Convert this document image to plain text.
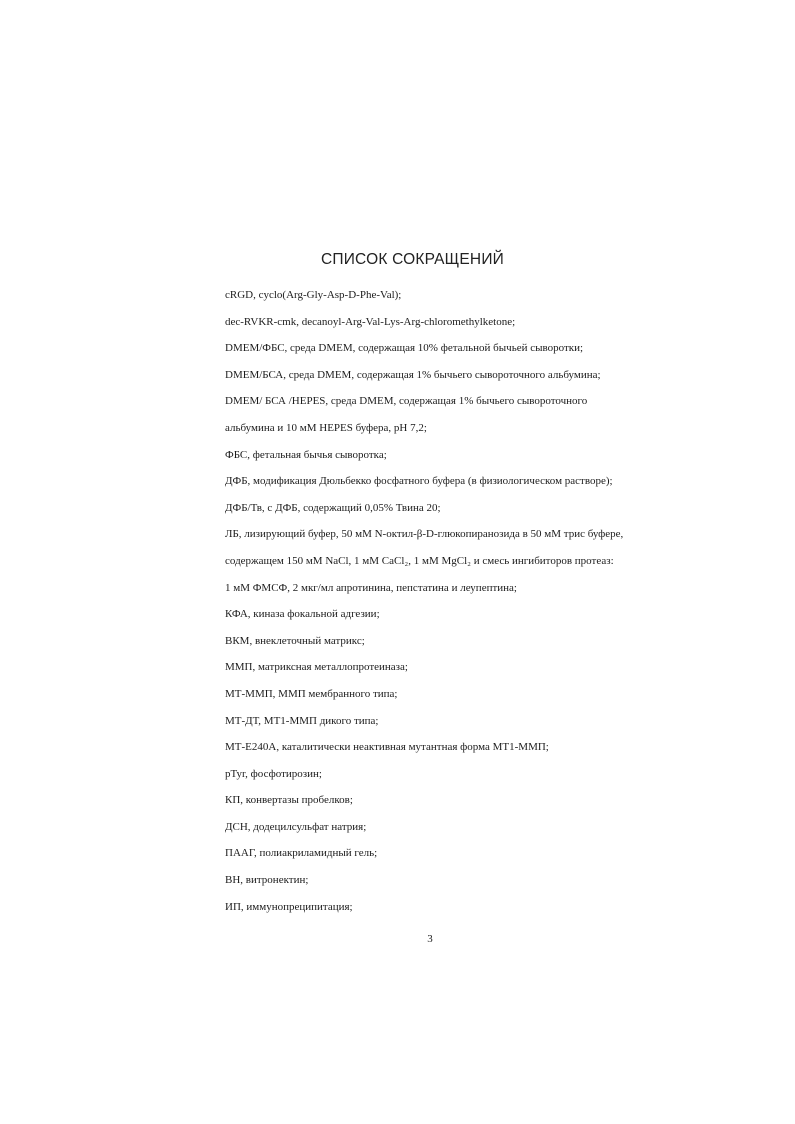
СПИСОК СОКРАЩЕНИЙ
cRGD, cyclo(Arg-Gly-Asp-D-Phe-Val);
dec-RVKR-cmk, decanoyl-Arg-Val-Lys-Arg-chloromethylketone;
DMEM/ФБС, среда DMEM, содержащая 10% фетальной бычьей сыворотки;
DMEM/БСА, среда DMEM, содержащая 1% бычьего сывороточного альбумина;
DMEM/ БСА /HEPES, среда DMEM, содержащая 1% бычьего сывороточного
альбумина и 10 мМ HEPES буфера, pH 7,2;
ФБС, фетальная бычья сыворотка;
ДФБ, модификация Дюльбекко фосфатного буфера (в физиологическом растворе);
ДФБ/Тв, с ДФБ, содержащий 0,05% Твина 20;
ЛБ, лизирующий буфер, 50 мМ N-октил-β-D-глюкопиранозида в 50 мМ трис буфере,
содержащем 150 мМ NaCl, 1 мМ CaCl₂, 1 мМ MgCl₂ и смесь ингибиторов протеаз:
1 мМ ФМСФ, 2 мкг/мл апротинина, пепстатина и леупептина;
КФА, киназа фокальной адгезии;
ВКМ, внеклеточный матрикс;
ММП, матриксная металлопротеиназа;
МТ-ММП, ММП мембранного типа;
МТ-ДТ, МТ1-ММП дикого типа;
МТ-Е240А, каталитически неактивная мутантная форма МТ1-ММП;
pTyr, фосфотирозин;
КП, конвертазы пробелков;
ДСН, додецилсульфат натрия;
ПААГ, полиакриламидный гель;
ВН, витронектин;
ИП, иммунопреципитация;
3
